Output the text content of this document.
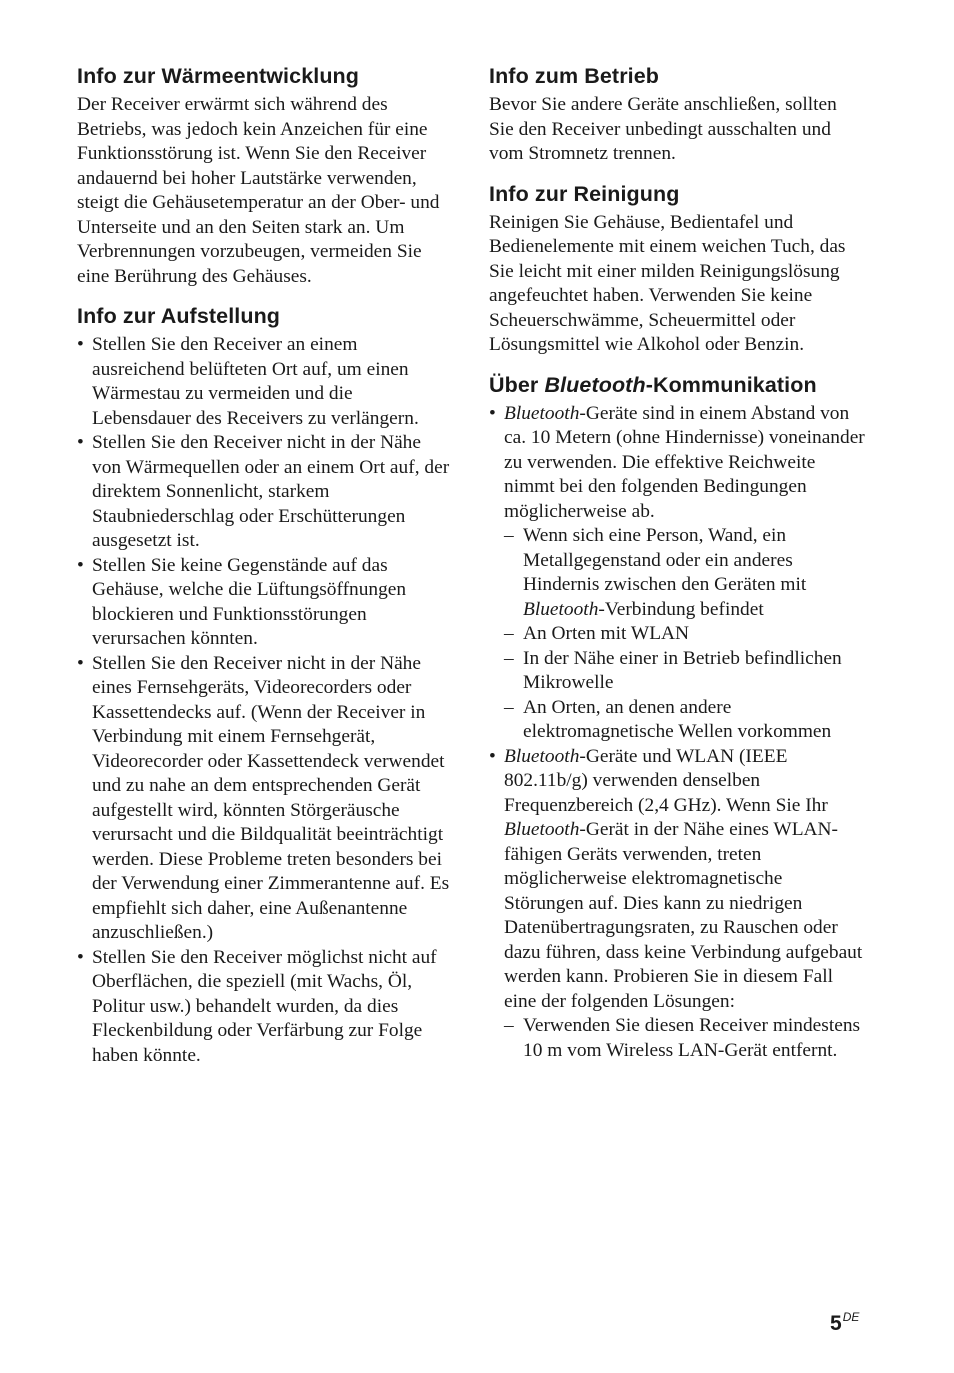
Info zur Wärmeentwicklung

Der Receiver erwärmt sich während des Betriebs, was jedoch kein Anzeichen für eine Funktionsstörung ist. Wenn Sie den Receiver andauernd bei hoher Lautstärke verwenden, steigt die Gehäusetemperatur an der Ober- und Unterseite und an den Seiten stark an. Um Verbrennungen vorzubeugen, vermeiden Sie eine Berührung des Gehäuses.

Info zur Aufstellung
• Stellen Sie den Receiver an einem ausreichend belüfteten Ort auf, um einen Wärmestau zu vermeiden und die Lebensdauer des Receivers zu verlängern.
• Stellen Sie den Receiver nicht in der Nähe von Wärmequellen oder an einem Ort auf, der direktem Sonnenlicht, starkem Staubniederschlag oder Erschütterungen ausgesetzt ist.
• Stellen Sie keine Gegenstände auf das Gehäuse, welche die Lüftungsöffnungen blockieren und Funktionsstörungen verursachen könnten.
• Stellen Sie den Receiver nicht in der Nähe eines Fernsehgeräts, Videorecorders oder Kassettendecks auf. (Wenn der Receiver in Verbindung mit einem Fernsehgerät, Videorecorder oder Kassettendeck verwendet und zu nahe an dem entsprechenden Gerät aufgestellt wird, könnten Störgeräusche verursacht und die Bildqualität beeinträchtigt werden. Diese Probleme treten besonders bei der Verwendung einer Zimmerantenne auf. Es empfiehlt sich daher, eine Außenantenne anzuschließen.)
• Stellen Sie den Receiver möglichst nicht auf Oberflächen, die speziell (mit Wachs, Öl, Politur usw.) behandelt wurden, da dies Fleckenbildung oder Verfärbung zur Folge haben könnte.
Info zum Betrieb

Bevor Sie andere Geräte anschließen, sollten Sie den Receiver unbedingt ausschalten und vom Stromnetz trennen.

Info zur Reinigung

Reinigen Sie Gehäuse, Bedientafel und Bedienelemente mit einem weichen Tuch, das Sie leicht mit einer milden Reinigungslösung angefeuchtet haben. Verwenden Sie keine Scheuerschwämme, Scheuermittel oder Lösungsmittel wie Alkohol oder Benzin.

Über Bluetooth-Kommunikation
• Bluetooth-Geräte sind in einem Abstand von ca. 10 Metern (ohne Hindernisse) voneinander zu verwenden. Die effektive Reichweite nimmt bei den folgenden Bedingungen möglicherweise ab.
– Wenn sich eine Person, Wand, ein Metallgegenstand oder ein anderes Hindernis zwischen den Geräten mit Bluetooth-Verbindung befindet
– An Orten mit WLAN
– In der Nähe einer in Betrieb befindlichen Mikrowelle
– An Orten, an denen andere elektromagnetische Wellen vorkommen
• Bluetooth-Geräte und WLAN (IEEE 802.11b/g) verwenden denselben Frequenzbereich (2,4 GHz). Wenn Sie Ihr Bluetooth-Gerät in der Nähe eines WLAN-fähigen Geräts verwenden, treten möglicherweise elektromagnetische Störungen auf. Dies kann zu niedrigen Datenübertragungsraten, zu Rauschen oder dazu führen, dass keine Verbindung aufgebaut werden kann. Probieren Sie in diesem Fall eine der folgenden Lösungen:
– Verwenden Sie diesen Receiver mindestens 10 m vom Wireless LAN-Gerät entfernt.
5DE
